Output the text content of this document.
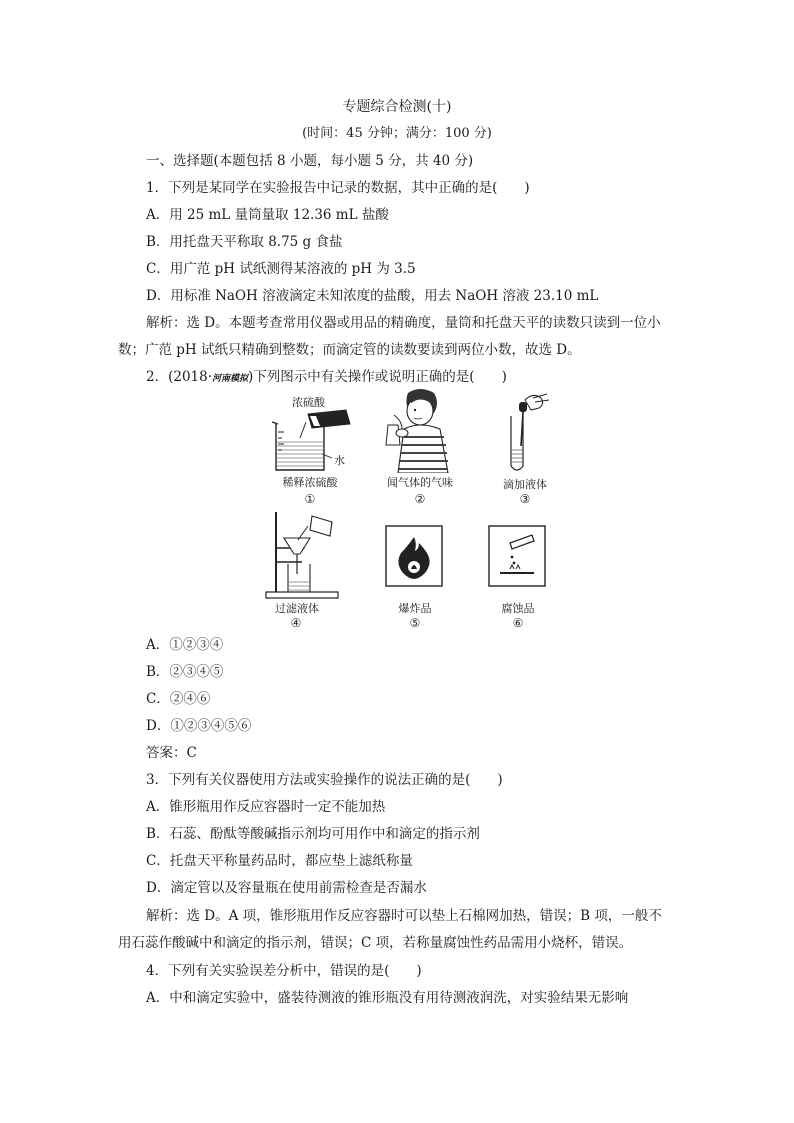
专题综合检测(十)
(时间：45 分钟；满分：100 分)
一、选择题(本题包括 8 小题，每小题 5 分，共 40 分)
1．下列是某同学在实验报告中记录的数据，其中正确的是(　　)
A．用 25 mL 量筒量取 12.36 mL 盐酸
B．用托盘天平称取 8.75 g 食盐
C．用广范 pH 试纸测得某溶液的 pH 为 3.5
D．用标准 NaOH 溶液滴定未知浓度的盐酸，用去 NaOH 溶液 23.10 mL
解析：选 D。本题考查常用仪器或用品的精确度，量筒和托盘天平的读数只读到一位小
数；广范 pH 试纸只精确到整数；而滴定管的读数要读到两位小数，故选 D。
2．(2018·河南模拟)下列图示中有关操作或说明正确的是(　　)
浓硫酸
水
稀释浓硫酸
①
闻气体的气味
②
滴加液体
③
过滤液体
④
爆炸品
⑤
腐蚀品
⑥
A．①②③④
B．②③④⑤
C．②④⑥
D．①②③④⑤⑥
答案：C
3．下列有关仪器使用方法或实验操作的说法正确的是(　　)
A．锥形瓶用作反应容器时一定不能加热
B．石蕊、酚酞等酸碱指示剂均可用作中和滴定的指示剂
C．托盘天平称量药品时，都应垫上滤纸称量
D．滴定管以及容量瓶在使用前需检查是否漏水
解析：选 D。A 项，锥形瓶用作反应容器时可以垫上石棉网加热，错误；B 项，一般不
用石蕊作酸碱中和滴定的指示剂，错误；C 项，若称量腐蚀性药品需用小烧杯，错误。
4．下列有关实验误差分析中，错误的是(　　)
A．中和滴定实验中，盛装待测液的锥形瓶没有用待测液润洗，对实验结果无影响
